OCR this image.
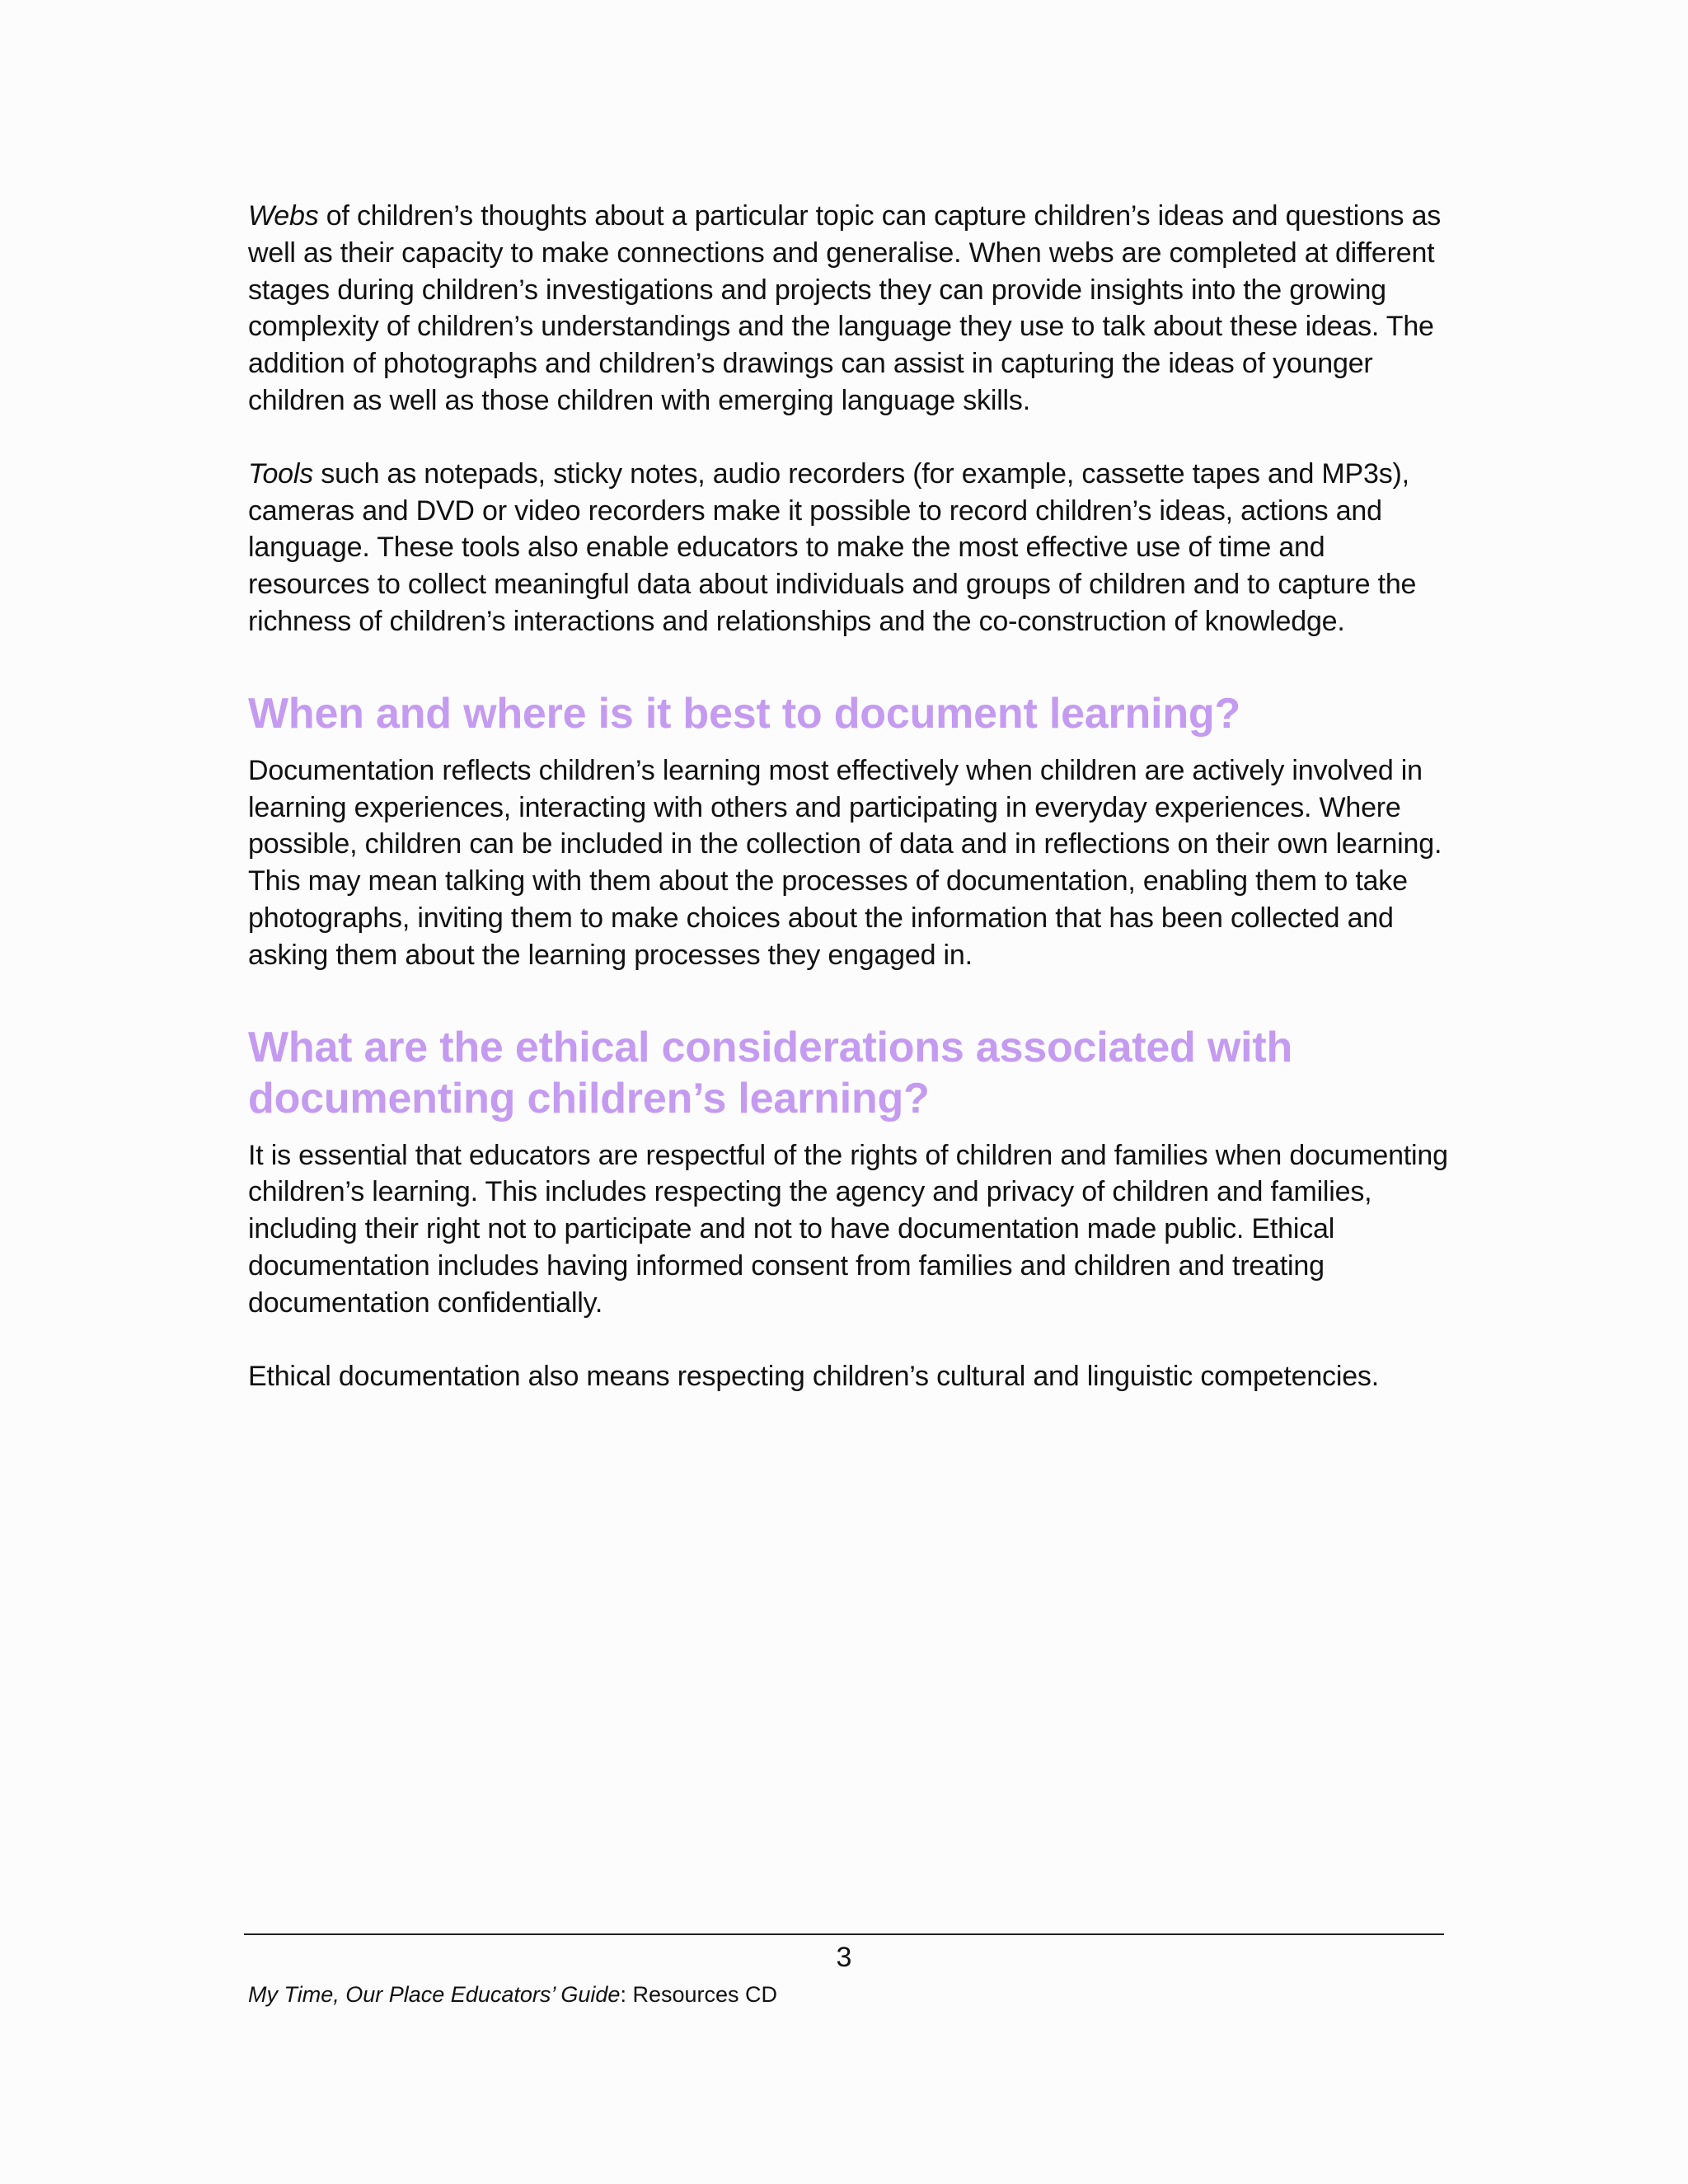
Webs of children’s thoughts about a particular topic can capture children’s ideas and questions as well as their capacity to make connections and generalise. When webs are completed at different stages during children’s investigations and projects they can provide insights into the growing complexity of children’s understandings and the language they use to talk about these ideas. The addition of photographs and children’s drawings can assist in capturing the ideas of younger children as well as those children with emerging language skills.

Tools such as notepads, sticky notes, audio recorders (for example, cassette tapes and MP3s), cameras and DVD or video recorders make it possible to record children’s ideas, actions and language. These tools also enable educators to make the most effective use of time and resources to collect meaningful data about individuals and groups of children and to capture the richness of children’s interactions and relationships and the co-construction of knowledge.

When and where is it best to document learning?

Documentation reflects children’s learning most effectively when children are actively involved in learning experiences, interacting with others and participating in everyday experiences. Where possible, children can be included in the collection of data and in reflections on their own learning. This may mean talking with them about the processes of documentation, enabling them to take photographs, inviting them to make choices about the information that has been collected and asking them about the learning processes they engaged in.

What are the ethical considerations associated with documenting children’s learning?

It is essential that educators are respectful of the rights of children and families when documenting children’s learning. This includes respecting the agency and privacy of children and families, including their right not to participate and not to have documentation made public. Ethical documentation includes having informed consent from families and children and treating documentation confidentially.

Ethical documentation also means respecting children’s cultural and linguistic competencies.

3
My Time, Our Place Educators’ Guide: Resources CD
